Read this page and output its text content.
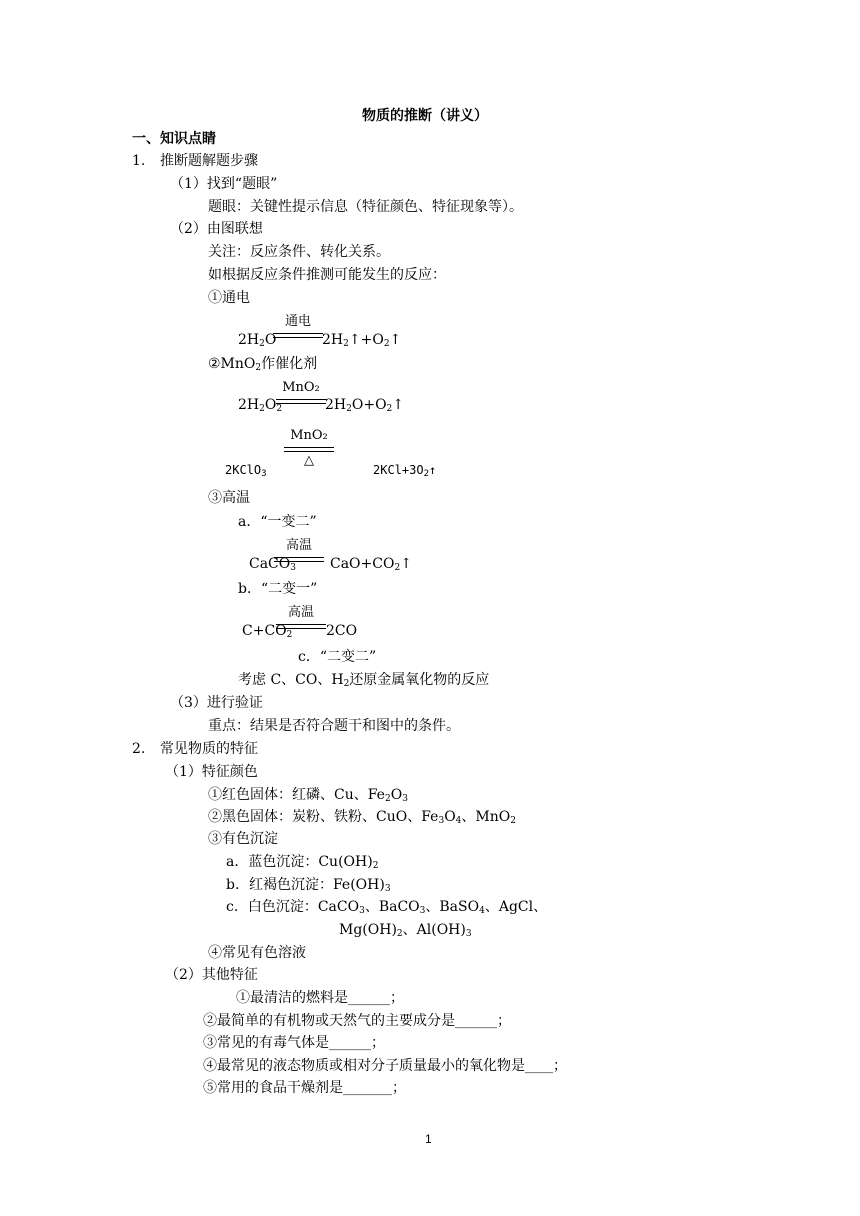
物质的推断（讲义）
一、知识点睛
1. 推断题解题步骤
（1）找到“题眼”
题眼：关键性提示信息（特征颜色、特征现象等）。
（2）由图联想
关注：反应条件、转化关系。
如根据反应条件推测可能发生的反应：
①通电
$2H_2O$
通电
$2H_2↑+O_2↑$
②MnO$_2$作催化剂
$2H_2O_2$
MnO₂
$2H_2O+O_2↑$
MnO₂
△
2KClO$_3$	$2KCl+3O_2↑$
③高温
a．“一变二”
CaCO$_3$
高温
$CaO+CO_2↑$
b．“二变一”
$C+CO_2$
高温
2CO
c．“二变二”
考虑 C、CO、$H_2$还原金属氧化物的反应
（3）进行验证
重点：结果是否符合题干和图中的条件。
2. 常见物质的特征
（1）特征颜色
①红色固体：红磷、Cu、$Fe_2O_3$
②黑色固体：炭粉、铁粉、CuO、$Fe_3O_4$、MnO$_2$
③有色沉淀
a．蓝色沉淀：$Cu(OH)_2$
b．红褐色沉淀：$Fe(OH)_3$
c．白色沉淀：CaCO$_3$、BaCO$_3$、BaSO$_4$、AgCl、
$Mg(OH)_2$、$Al(OH)_3$
④常见有色溶液
（2）其他特征
①最清洁的燃料是______；
②最简单的有机物或天然气的主要成分是______；
③常见的有毒气体是______；
④最常见的液态物质或相对分子质量最小的氧化物是____；
⑤常用的食品干燥剂是_______；
1
